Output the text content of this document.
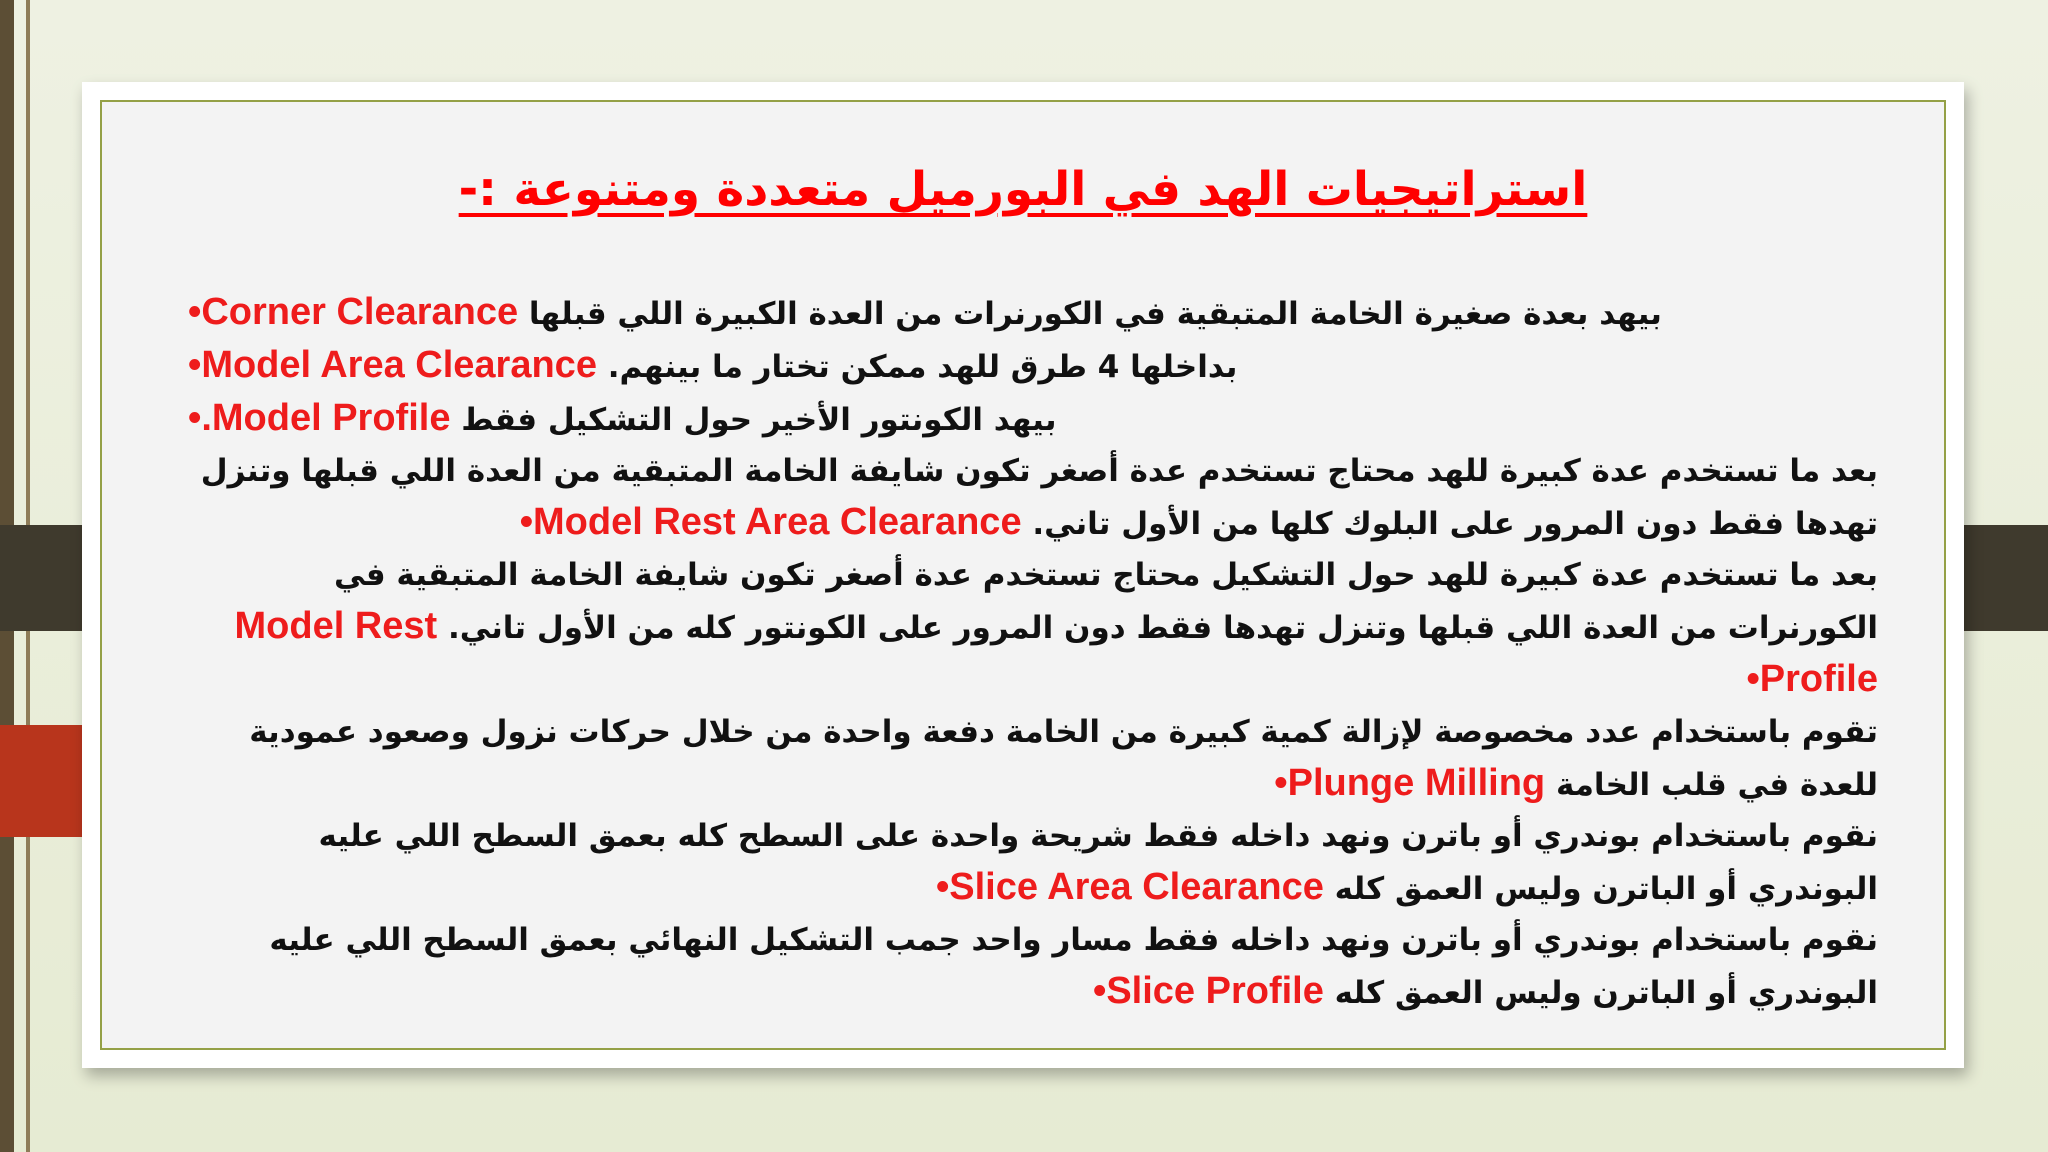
استراتيجيات الهد في البورميل متعددة ومتنوعة :-
بيهد بعدة صغيرة الخامة المتبقية في الكورنرات من العدة الكبيرة اللي قبلها Corner Clearance•
بداخلها 4 طرق للهد ممكن تختار ما بينهم. Model Area Clearance•
بيهد الكونتور الأخير حول التشكيل فقط Model Profile.•
بعد ما تستخدم عدة كبيرة للهد محتاج تستخدم عدة أصغر تكون شايفة الخامة المتبقية من العدة اللي قبلها وتنزل تهدها فقط دون المرور على البلوك كلها من الأول تاني. Model Rest Area Clearance•
بعد ما تستخدم عدة كبيرة للهد حول التشكيل محتاج تستخدم عدة أصغر تكون شايفة الخامة المتبقية في الكورنرات من العدة اللي قبلها وتنزل تهدها فقط دون المرور على الكونتور كله من الأول تاني. Model Rest Profile•
تقوم باستخدام عدد مخصوصة لإزالة كمية كبيرة من الخامة دفعة واحدة من خلال حركات نزول وصعود عمودية للعدة في قلب الخامة Plunge Milling•
نقوم باستخدام بوندري أو باترن ونهد داخله فقط شريحة واحدة على السطح كله بعمق السطح اللي عليه البوندري أو الباترن وليس العمق كله Slice Area Clearance•
نقوم باستخدام بوندري أو باترن ونهد داخله فقط مسار واحد جمب التشكيل النهائي بعمق السطح اللي عليه البوندري أو الباترن وليس العمق كله Slice Profile•
